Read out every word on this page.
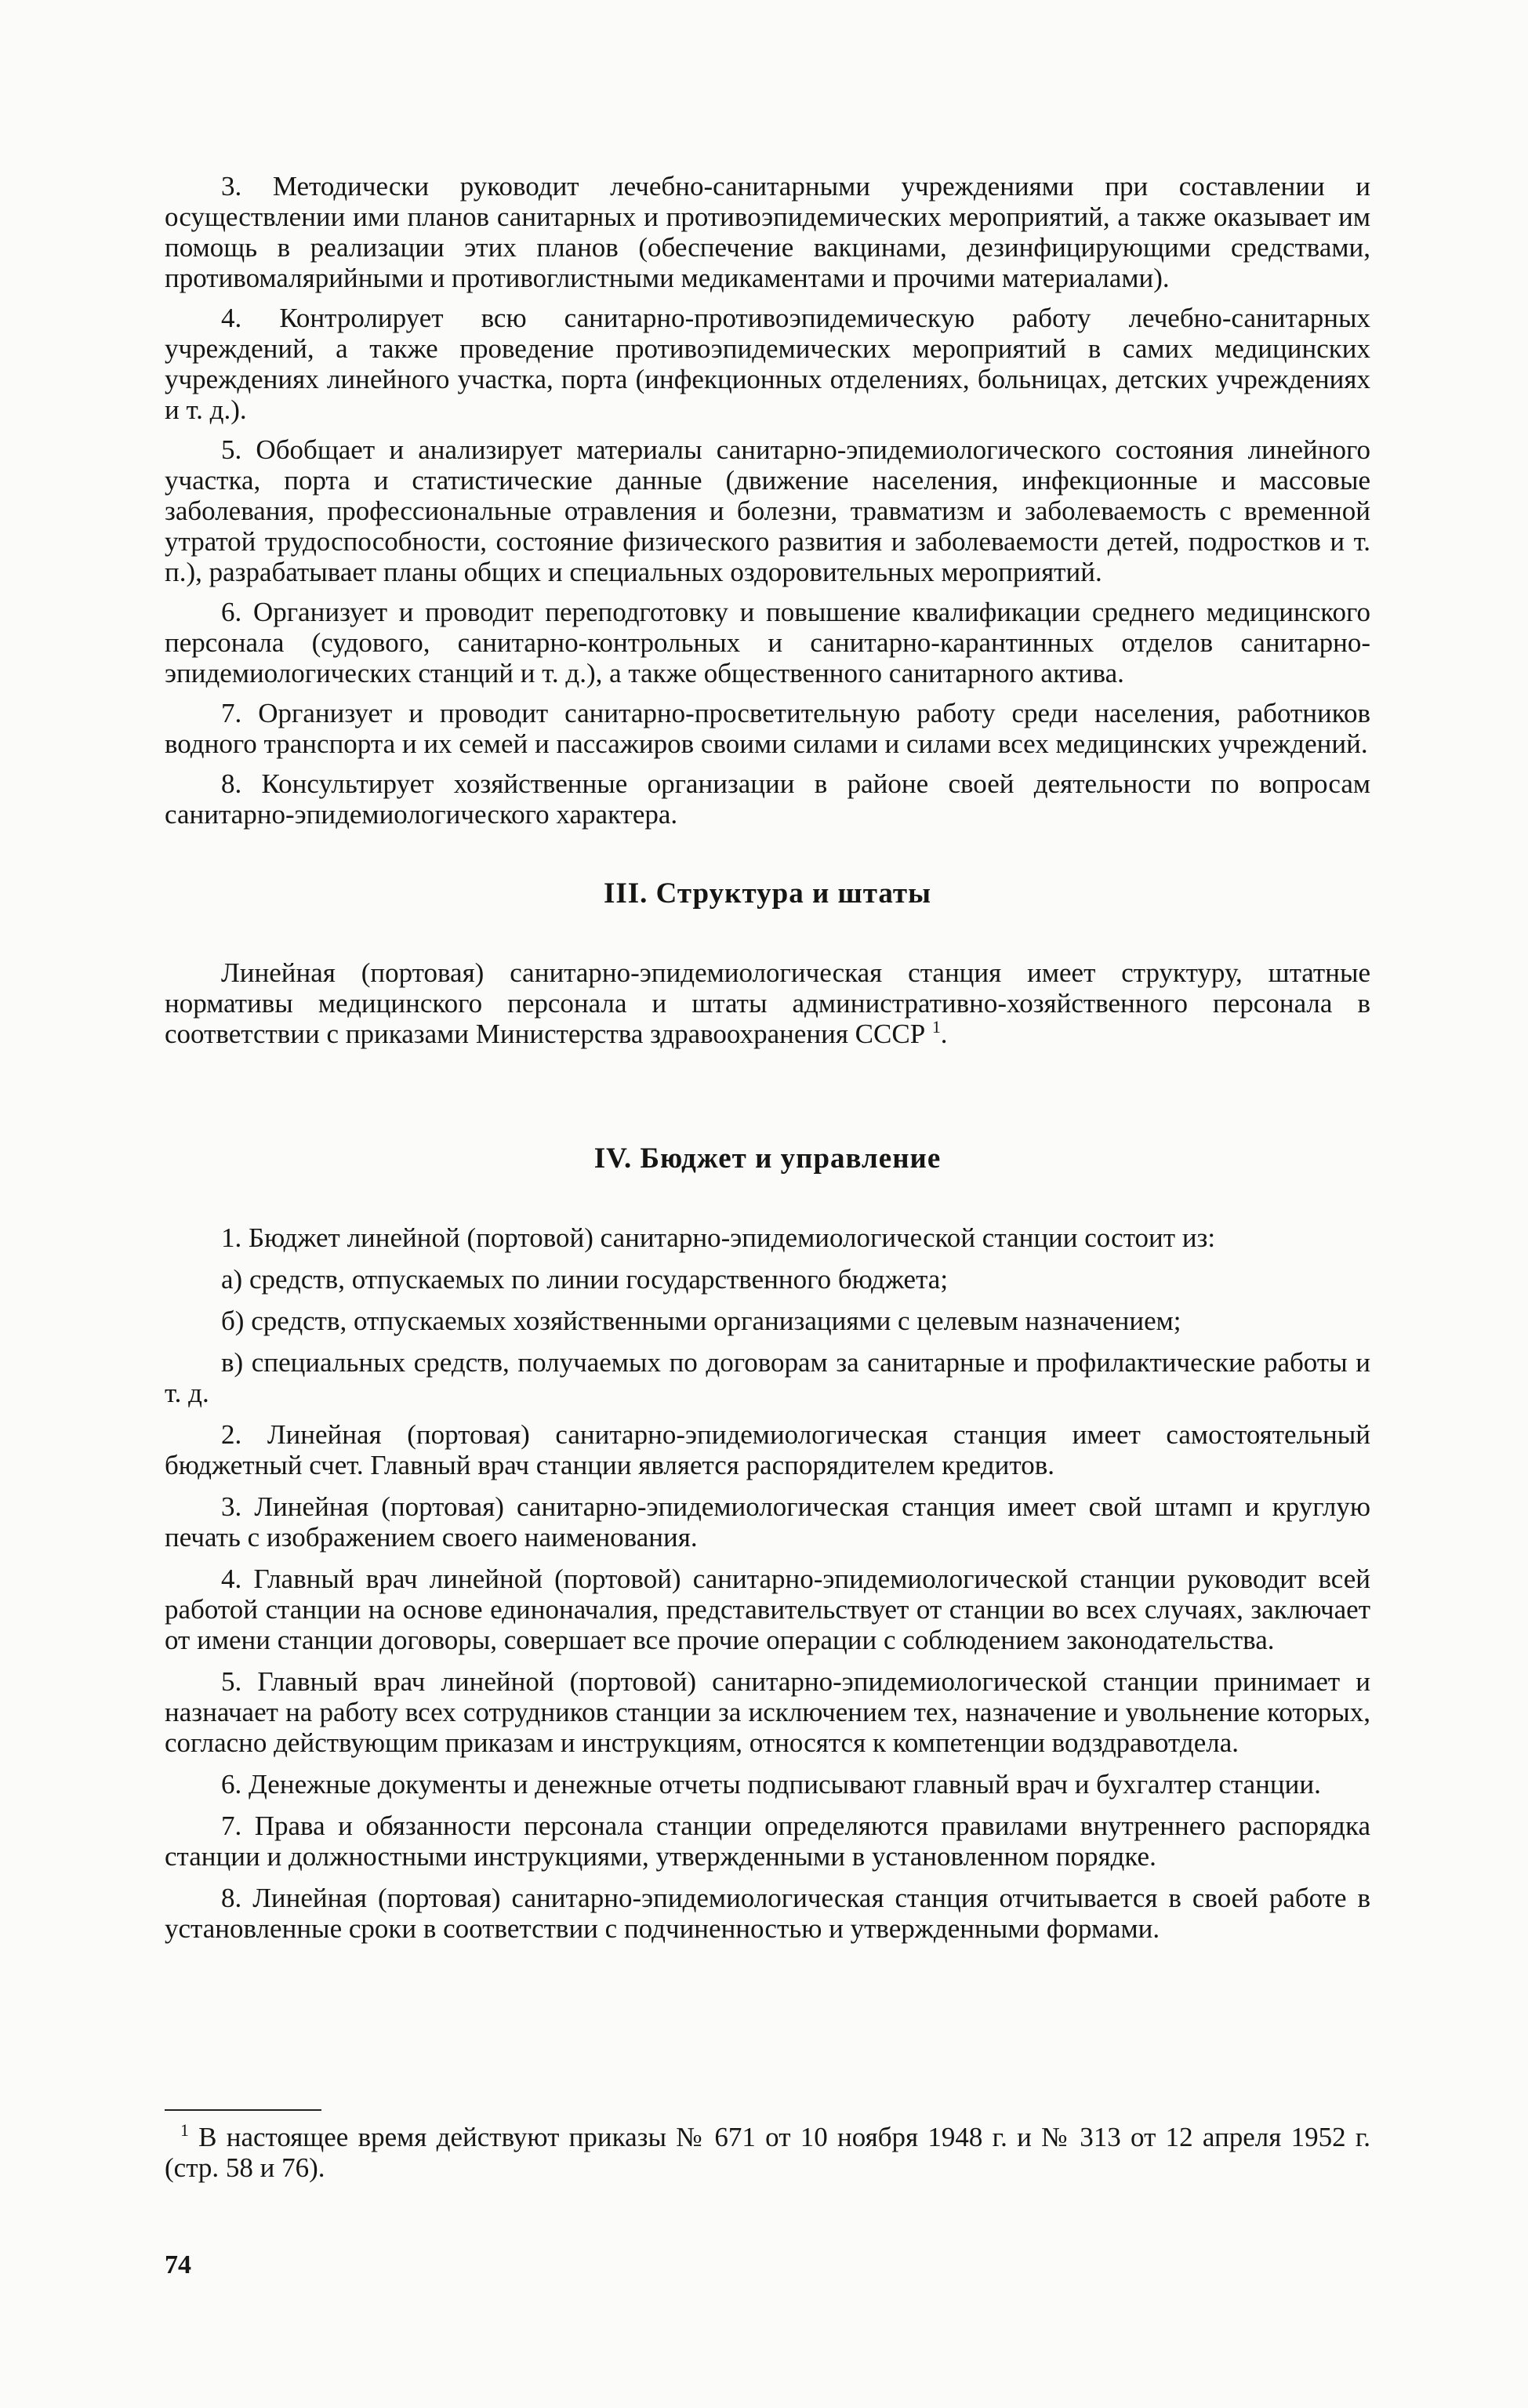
3. Методически руководит лечебно-санитарными учреждениями при составлении и осуществлении ими планов санитарных и противоэпидемических мероприятий, а также оказывает им помощь в реализации этих планов (обеспечение вакцинами, дезинфицирующими средствами, противомалярийными и противоглистными медикаментами и прочими материалами).

4. Контролирует всю санитарно-противоэпидемическую работу лечебно-санитарных учреждений, а также проведение противоэпидемических мероприятий в самих медицинских учреждениях линейного участка, порта (инфекционных отделениях, больницах, детских учреждениях и т. д.).

5. Обобщает и анализирует материалы санитарно-эпидемиологического состояния линейного участка, порта и статистические данные (движение населения, инфекционные и массовые заболевания, профессиональные отравления и болезни, травматизм и заболеваемость с временной утратой трудоспособности, состояние физического развития и заболеваемости детей, подростков и т. п.), разрабатывает планы общих и специальных оздоровительных мероприятий.

6. Организует и проводит переподготовку и повышение квалификации среднего медицинского персонала (судового, санитарно-контрольных и санитарно-карантинных отделов санитарно-эпидемиологических станций и т. д.), а также общественного санитарного актива.

7. Организует и проводит санитарно-просветительную работу среди населения, работников водного транспорта и их семей и пассажиров своими силами и силами всех медицинских учреждений.

8. Консультирует хозяйственные организации в районе своей деятельности по вопросам санитарно-эпидемиологического характера.

III. Структура и штаты

Линейная (портовая) санитарно-эпидемиологическая станция имеет структуру, штатные нормативы медицинского персонала и штаты административно-хозяйственного персонала в соответствии с приказами Министерства здравоохранения СССР $^1$.

IV. Бюджет и управление

1. Бюджет линейной (портовой) санитарно-эпидемиологической станции состоит из:

а) средств, отпускаемых по линии государственного бюджета;

б) средств, отпускаемых хозяйственными организациями с целевым назначением;

в) специальных средств, получаемых по договорам за санитарные и профилактические работы и т. д.

2. Линейная (портовая) санитарно-эпидемиологическая станция имеет самостоятельный бюджетный счет. Главный врач станции является распорядителем кредитов.

3. Линейная (портовая) санитарно-эпидемиологическая станция имеет свой штамп и круглую печать с изображением своего наименования.

4. Главный врач линейной (портовой) санитарно-эпидемиологической станции руководит всей работой станции на основе единоначалия, представительствует от станции во всех случаях, заключает от имени станции договоры, совершает все прочие операции с соблюдением законодательства.

5. Главный врач линейной (портовой) санитарно-эпидемиологической станции принимает и назначает на работу всех сотрудников станции за исключением тех, назначение и увольнение которых, согласно действующим приказам и инструкциям, относятся к компетенции водздравотдела.

6. Денежные документы и денежные отчеты подписывают главный врач и бухгалтер станции.

7. Права и обязанности персонала станции определяются правилами внутреннего распорядка станции и должностными инструкциями, утвержденными в установленном порядке.

8. Линейная (портовая) санитарно-эпидемиологическая станция отчитывается в своей работе в установленные сроки в соответствии с подчиненностью и утвержденными формами.

$^1$ В настоящее время действуют приказы № 671 от 10 ноября 1948 г. и № 313 от 12 апреля 1952 г. (стр. 58 и 76).

74
